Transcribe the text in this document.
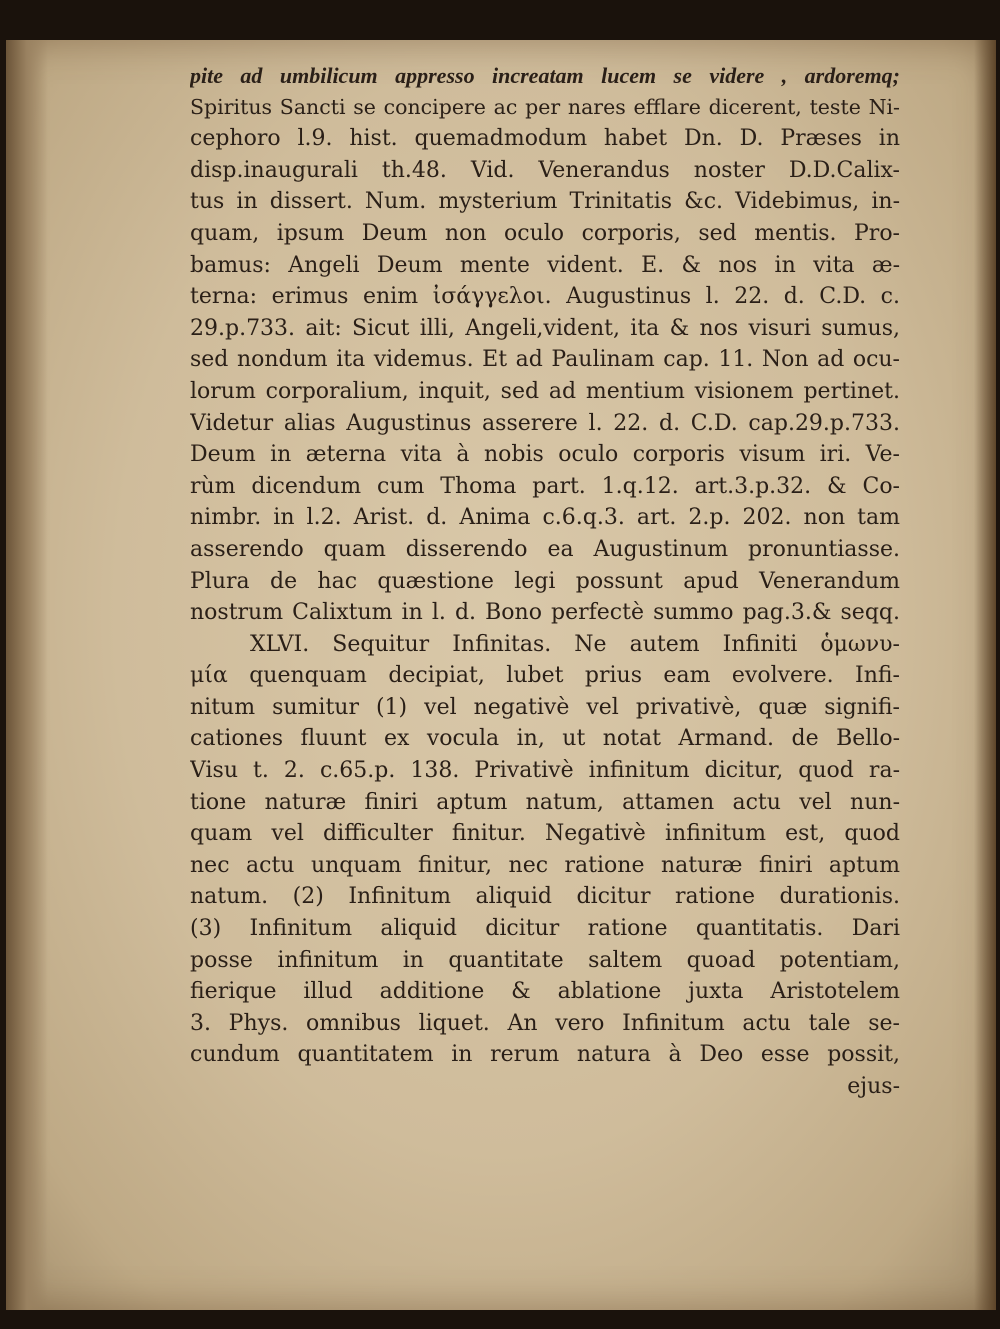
pite ad umbilicum appresso increatam lucem se videre , ardoremq;
Spiritus Sancti se concipere ac per nares efflare dicerent, teste Ni-
cephoro l.9. hist. quemadmodum habet Dn. D. Præses in
disp.inaugurali th.48. Vid. Venerandus noster D.D.Calix-
tus in dissert. Num. mysterium Trinitatis &c. Videbimus, in-
quam, ipsum Deum non oculo corporis, sed mentis. Pro-
bamus: Angeli Deum mente vident. E. & nos in vita æ-
terna: erimus enim ἰσάγγελοι. Augustinus l. 22. d. C.D. c.
29.p.733. ait: Sicut illi, Angeli,vident, ita & nos visuri sumus,
sed nondum ita videmus. Et ad Paulinam cap. 11. Non ad ocu-
lorum corporalium, inquit, sed ad mentium visionem pertinet.
Videtur alias Augustinus asserere l. 22. d. C.D. cap.29.p.733.
Deum in æterna vita à nobis oculo corporis visum iri. Ve-
rùm dicendum cum Thoma part. 1.q.12. art.3.p.32. & Co-
nimbr. in l.2. Arist. d. Anima c.6.q.3. art. 2.p. 202. non tam
asserendo quam disserendo ea Augustinum pronuntiasse.
Plura de hac quæstione legi possunt apud Venerandum
nostrum Calixtum in l. d. Bono perfectè summo pag.3.& seqq.
XLVI. Sequitur Infinitas. Ne autem Infiniti ὁμωνυ-
μία quenquam decipiat, lubet prius eam evolvere. Infi-
nitum sumitur (1) vel negativè vel privativè, quæ signifi-
cationes fluunt ex vocula in, ut notat Armand. de Bello-
Visu t. 2. c.65.p. 138. Privativè infinitum dicitur, quod ra-
tione naturæ finiri aptum natum, attamen actu vel nun-
quam vel difficulter finitur. Negativè infinitum est, quod
nec actu unquam finitur, nec ratione naturæ finiri aptum
natum. (2) Infinitum aliquid dicitur ratione durationis.
(3) Infinitum aliquid dicitur ratione quantitatis. Dari
posse infinitum in quantitate saltem quoad potentiam,
fierique illud additione & ablatione juxta Aristotelem
3. Phys. omnibus liquet. An vero Infinitum actu tale se-
cundum quantitatem in rerum natura à Deo esse possit,
ejus-
